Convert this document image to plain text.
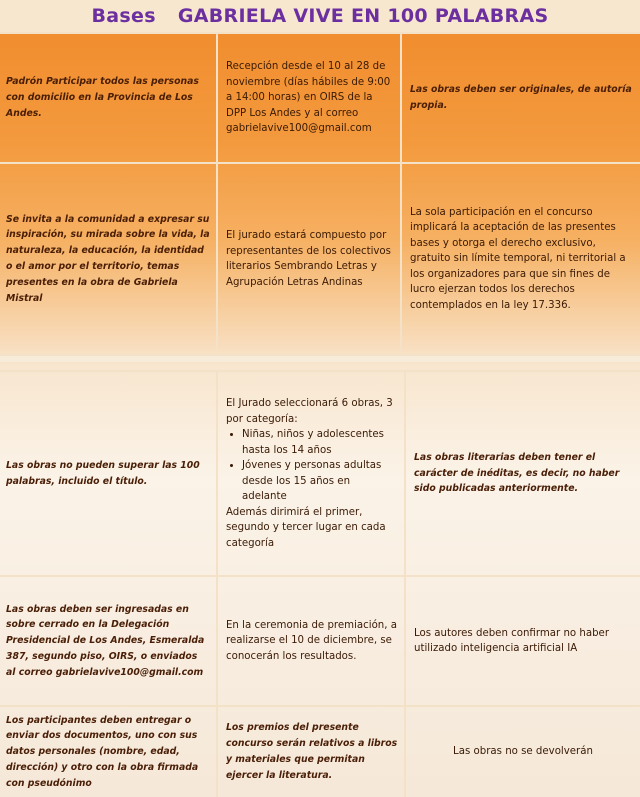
Bases GABRIELA VIVE EN 100 PALABRAS
Padrón Participar todos las personas con domicilio en la Provincia de Los Andes.
Recepción desde el 10 al 28 de noviembre (días hábiles de 9:00 a 14:00 horas) en OIRS de la DPP Los Andes y al correo gabrielavive100@gmail.com
Las obras deben ser originales, de autoría propia.
Se invita a la comunidad a expresar su inspiración, su mirada sobre la vida, la naturaleza, la educación, la identidad o el amor por el territorio, temas presentes en la obra de Gabriela Mistral
El jurado estará compuesto por representantes de los colectivos literarios Sembrando Letras y Agrupación Letras Andinas
La sola participación en el concurso implicará la aceptación de las presentes bases y otorga el derecho exclusivo, gratuito sin límite temporal, ni territorial a los organizadores para que sin fines de lucro ejerzan todos los derechos contemplados en la ley 17.336.
Las obras no pueden superar las 100 palabras, incluido el título.
El Jurado seleccionará 6 obras, 3 por categoría:
• Niñas, niños y adolescentes hasta los 14 años
• Jóvenes y personas adultas desde los 15 años en adelante
Además dirimirá el primer, segundo y tercer lugar en cada categoría
Las obras literarias deben tener el carácter de inéditas, es decir, no haber sido publicadas anteriormente.
Las obras deben ser ingresadas en sobre cerrado en la Delegación Presidencial de Los Andes, Esmeralda 387, segundo piso, OIRS, o enviados al correo gabrielavive100@gmail.com
En la ceremonia de premiación, a realizarse el 10 de diciembre, se conocerán los resultados.
Los autores deben confirmar no haber utilizado inteligencia artificial IA
Los participantes deben entregar o enviar dos documentos, uno con sus datos personales (nombre, edad, dirección) y otro con la obra firmada con pseudónimo
Los premios del presente concurso serán relativos a libros y materiales que permitan ejercer la literatura.
Las obras no se devolverán
